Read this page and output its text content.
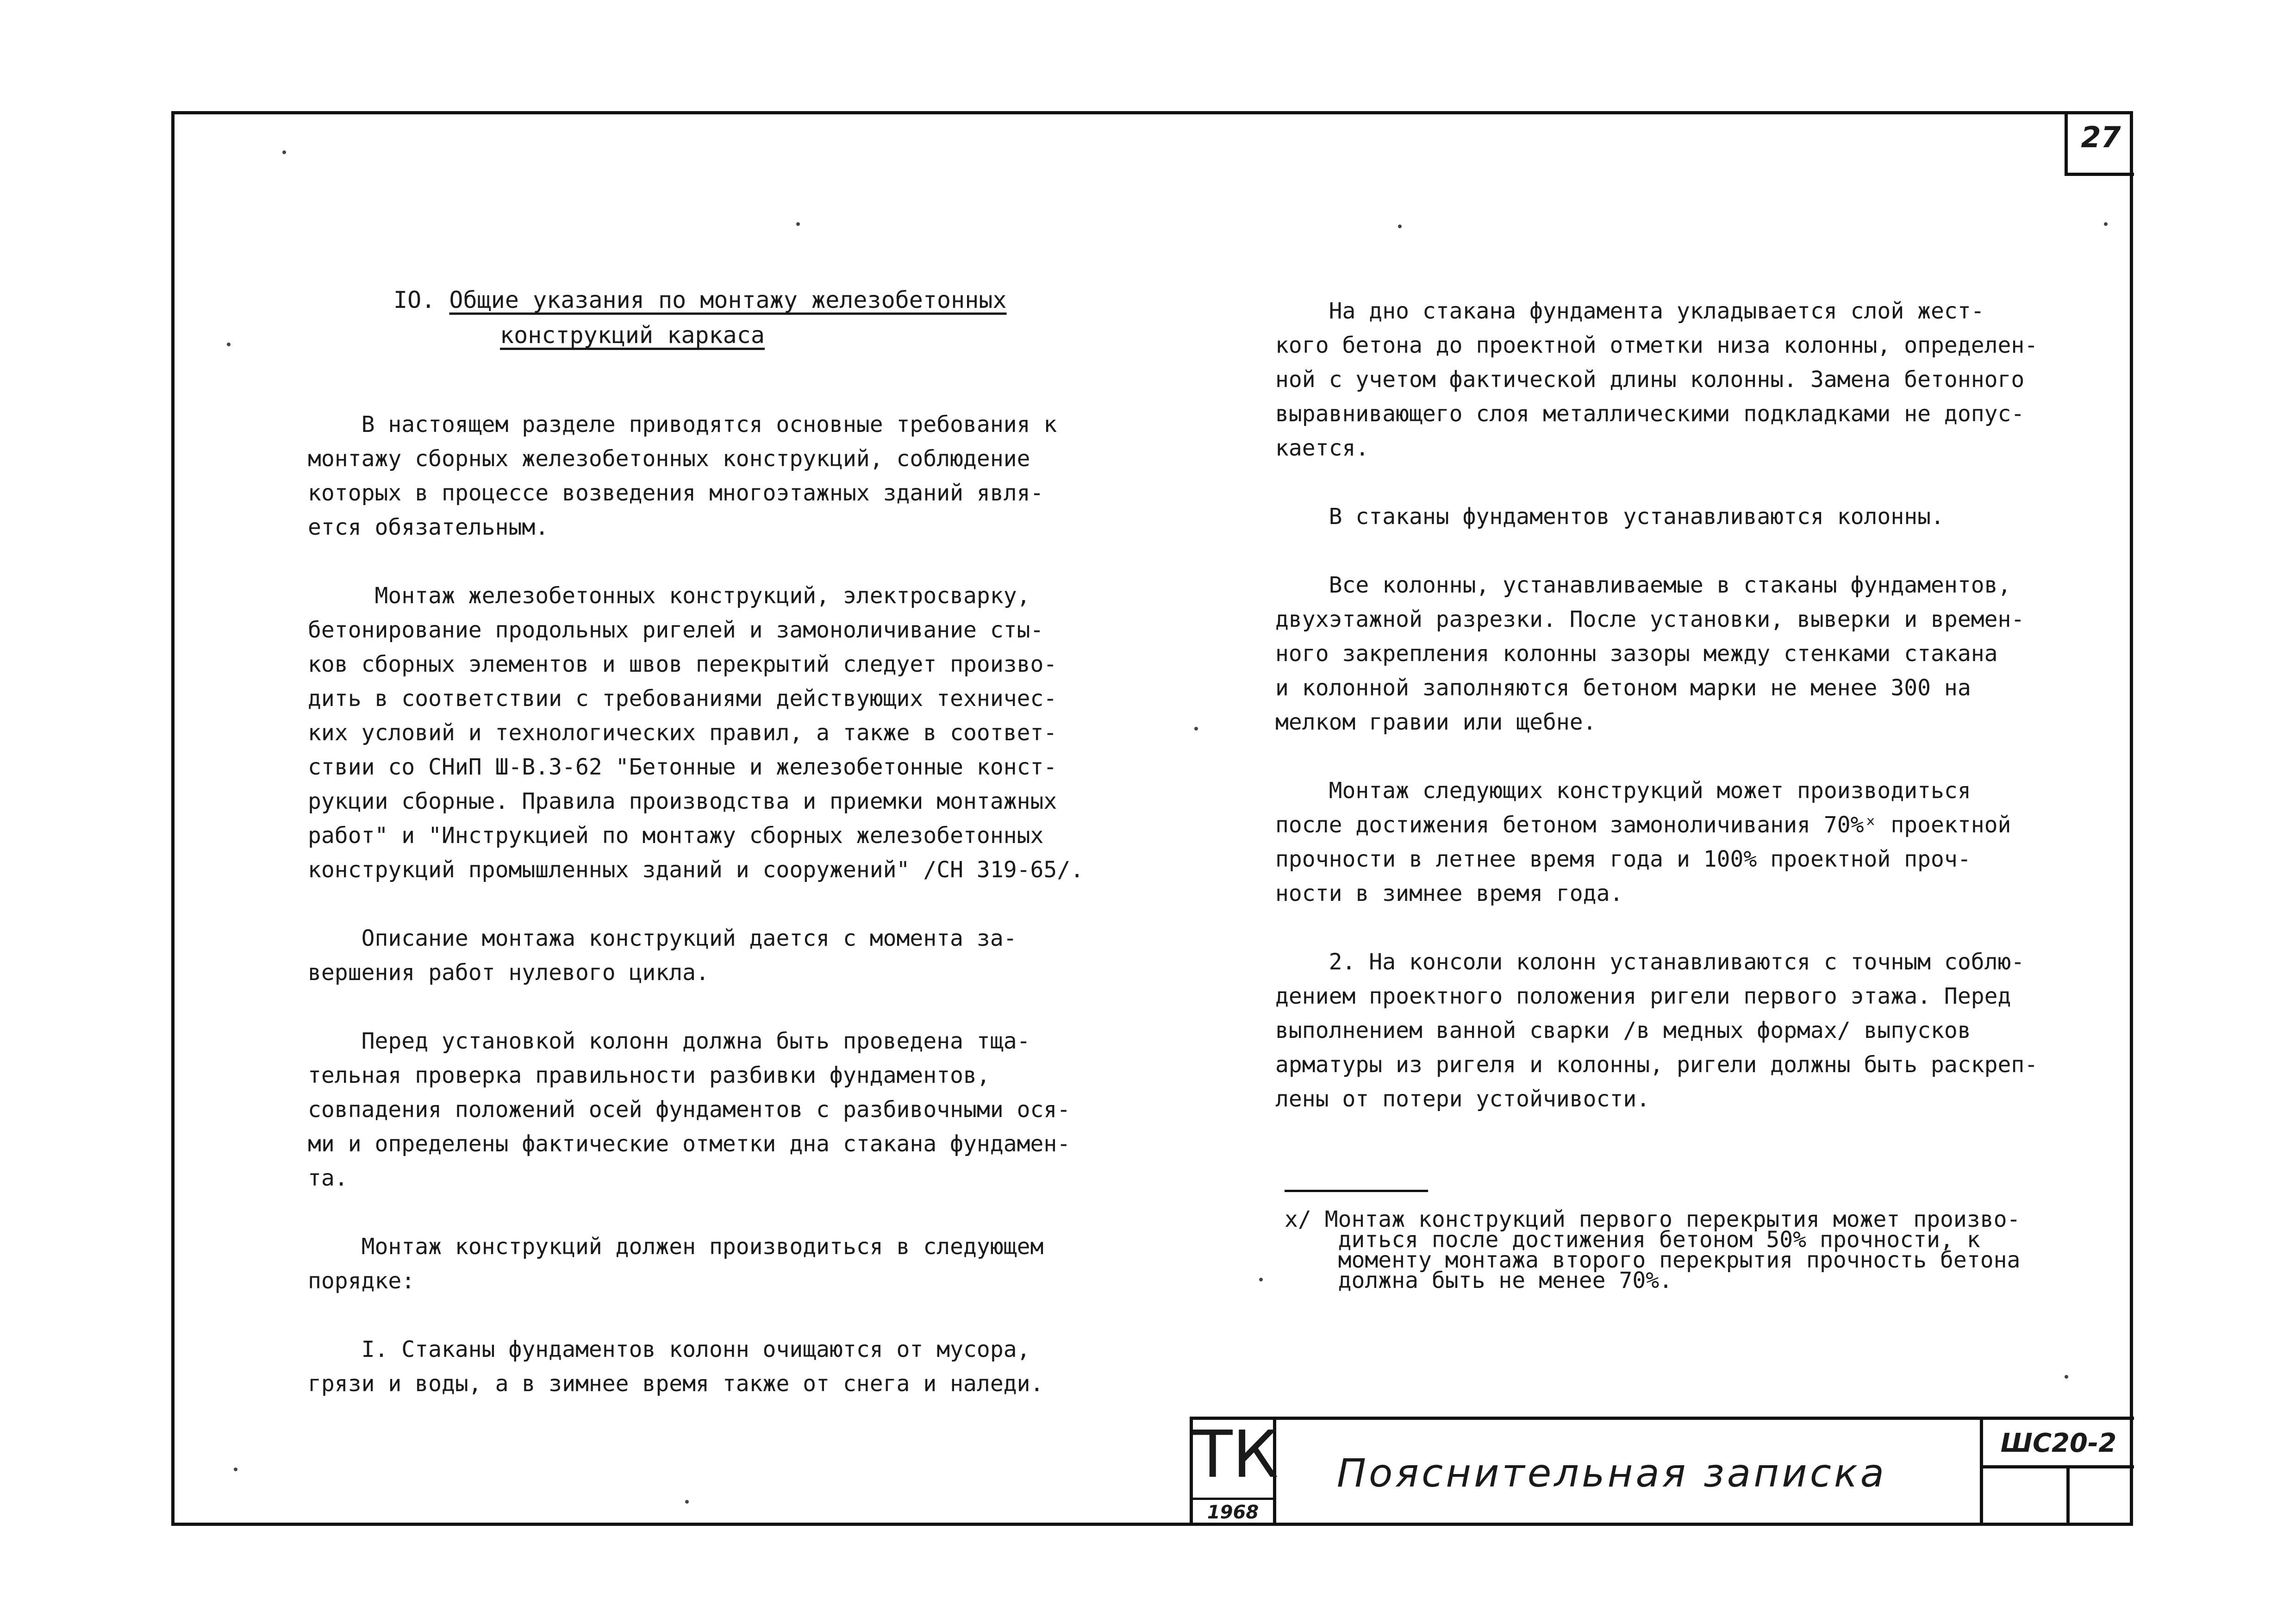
27
IO. Общие указания по монтажу железобетонных

конструкций каркаса
В настоящем разделе приводятся основные требования к
монтажу сборных железобетонных конструкций, соблюдение
которых в процессе возведения многоэтажных зданий явля-
ется обязательным.
Монтаж железобетонных конструкций, электросварку,
бетонирование продольных ригелей и замоноличивание сты-
ков сборных элементов и швов перекрытий следует произво-
дить в соответствии с требованиями действующих техничес-
ких условий и технологических правил, а также в соответ-
ствии со СНиП Ш-В.3-62 "Бетонные и железобетонные конст-
рукции сборные. Правила производства и приемки монтажных
работ" и "Инструкцией по монтажу сборных железобетонных
конструкций промышленных зданий и сооружений" /СН 319-65/.
Описание монтажа конструкций дается с момента за-
вершения работ нулевого цикла.
Перед установкой колонн должна быть проведена тща-
тельная проверка правильности разбивки фундаментов,
совпадения положений осей фундаментов с разбивочными ося-
ми и определены фактические отметки дна стакана фундамен-
та.
Монтаж конструкций должен производиться в следующем
порядке:
I. Стаканы фундаментов колонн очищаются от мусора,
грязи и воды, а в зимнее время также от снега и наледи.
На дно стакана фундамента укладывается слой жест-
кого бетона до проектной отметки низа колонны, определен-
ной с учетом фактической длины колонны. Замена бетонного
выравнивающего слоя металлическими подкладками не допус-
кается.
В стаканы фундаментов устанавливаются колонны.
Все колонны, устанавливаемые в стаканы фундаментов,
двухэтажной разрезки. После установки, выверки и времен-
ного закрепления колонны зазоры между стенками стакана
и колонной заполняются бетоном марки не менее 300 на
мелком гравии или щебне.
Монтаж следующих конструкций может производиться
после достижения бетоном замоноличивания 70%ˣ проектной
прочности в летнее время года и 100% проектной проч-
ности в зимнее время года.
2. На консоли колонн устанавливаются с точным соблю-
дением проектного положения ригели первого этажа. Перед
выполнением ванной сварки /в медных формах/ выпусков
арматуры из ригеля и колонны, ригели должны быть раскреп-
лены от потери устойчивости.
х/ Монтаж конструкций первого перекрытия может произво-
диться после достижения бетоном 50% прочности, к
моменту монтажа второго перекрытия прочность бетона
должна быть не менее 70%.
ТК
1968
Пояснительная записка
ШС20-2
